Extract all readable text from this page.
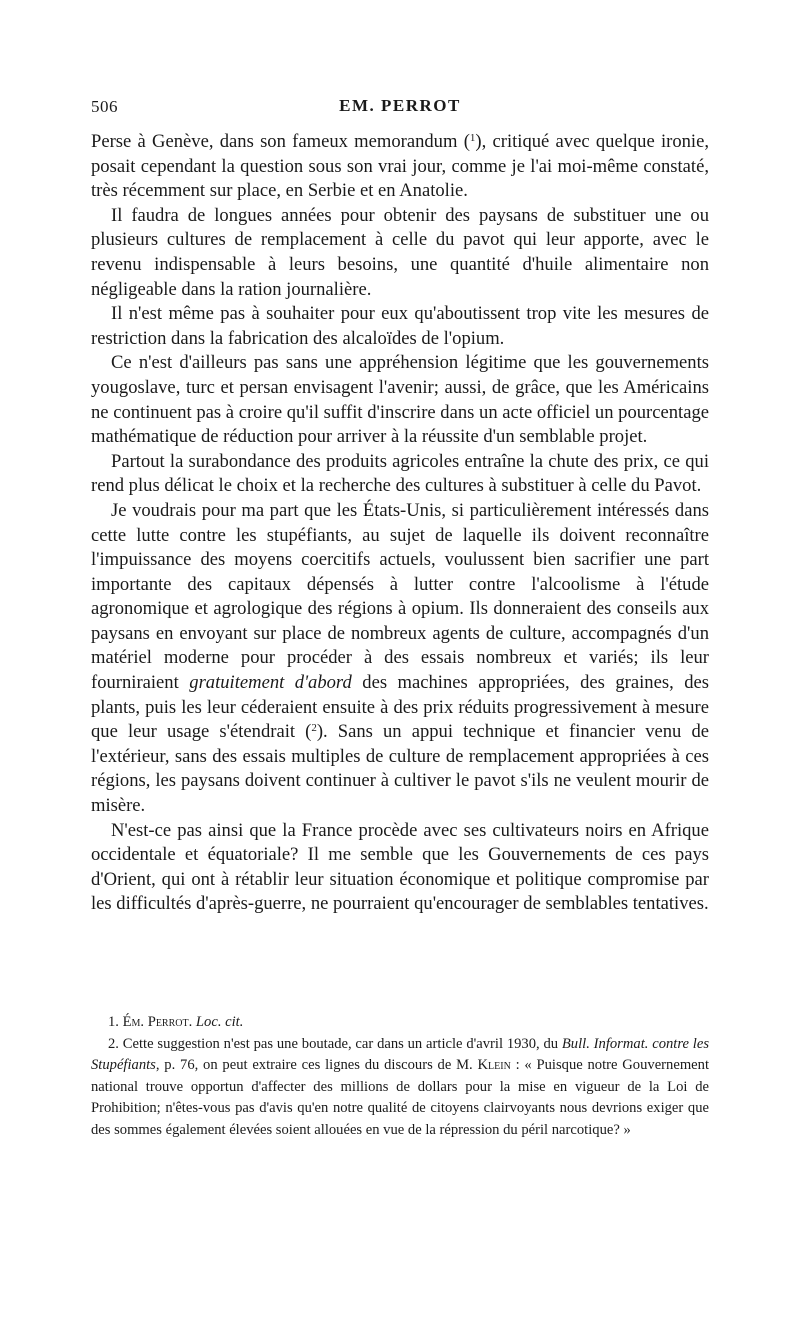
506	EM. PERROT

Perse à Genève, dans son fameux memorandum ($^1$), critiqué avec quelque ironie, posait cependant la question sous son vrai jour, comme je l'ai moi-même constaté, très récemment sur place, en Serbie et en Anatolie.

Il faudra de longues années pour obtenir des paysans de substituer une ou plusieurs cultures de remplacement à celle du pavot qui leur apporte, avec le revenu indispensable à leurs besoins, une quantité d'huile alimentaire non négligeable dans la ration journalière.

Il n'est même pas à souhaiter pour eux qu'aboutissent trop vite les mesures de restriction dans la fabrication des alcaloïdes de l'opium.

Ce n'est d'ailleurs pas sans une appréhension légitime que les gouvernements yougoslave, turc et persan envisagent l'avenir; aussi, de grâce, que les Américains ne continuent pas à croire qu'il suffit d'inscrire dans un acte officiel un pourcentage mathématique de réduction pour arriver à la réussite d'un semblable projet.

Partout la surabondance des produits agricoles entraîne la chute des prix, ce qui rend plus délicat le choix et la recherche des cultures à substituer à celle du Pavot.

Je voudrais pour ma part que les États-Unis, si particulièrement intéressés dans cette lutte contre les stupéfiants, au sujet de laquelle ils doivent reconnaître l'impuissance des moyens coercitifs actuels, voulussent bien sacrifier une part importante des capitaux dépensés à lutter contre l'alcoolisme à l'étude agronomique et agrologique des régions à opium. Ils donneraient des conseils aux paysans en envoyant sur place de nombreux agents de culture, accompagnés d'un matériel moderne pour procéder à des essais nombreux et variés; ils leur fourniraient gratuitement d'abord des machines appropriées, des graines, des plants, puis les leur céderaient ensuite à des prix réduits progressivement à mesure que leur usage s'étendrait ($^2$). Sans un appui technique et financier venu de l'extérieur, sans des essais multiples de culture de remplacement appropriées à ces régions, les paysans doivent continuer à cultiver le pavot s'ils ne veulent mourir de misère.

N'est-ce pas ainsi que la France procède avec ses cultivateurs noirs en Afrique occidentale et équatoriale? Il me semble que les Gouvernements de ces pays d'Orient, qui ont à rétablir leur situation économique et politique compromise par les difficultés d'après-guerre, ne pourraient qu'encourager de semblables tentatives.

1. Ém. Perrot. Loc. cit.

2. Cette suggestion n'est pas une boutade, car dans un article d'avril 1930, du Bull. Informat. contre les Stupéfiants, p. 76, on peut extraire ces lignes du discours de M. Klein : « Puisque notre Gouvernement national trouve opportun d'affecter des millions de dollars pour la mise en vigueur de la Loi de Prohibition; n'êtes-vous pas d'avis qu'en notre qualité de citoyens clairvoyants nous devrions exiger que des sommes également élevées soient allouées en vue de la répression du péril narcotique? »
